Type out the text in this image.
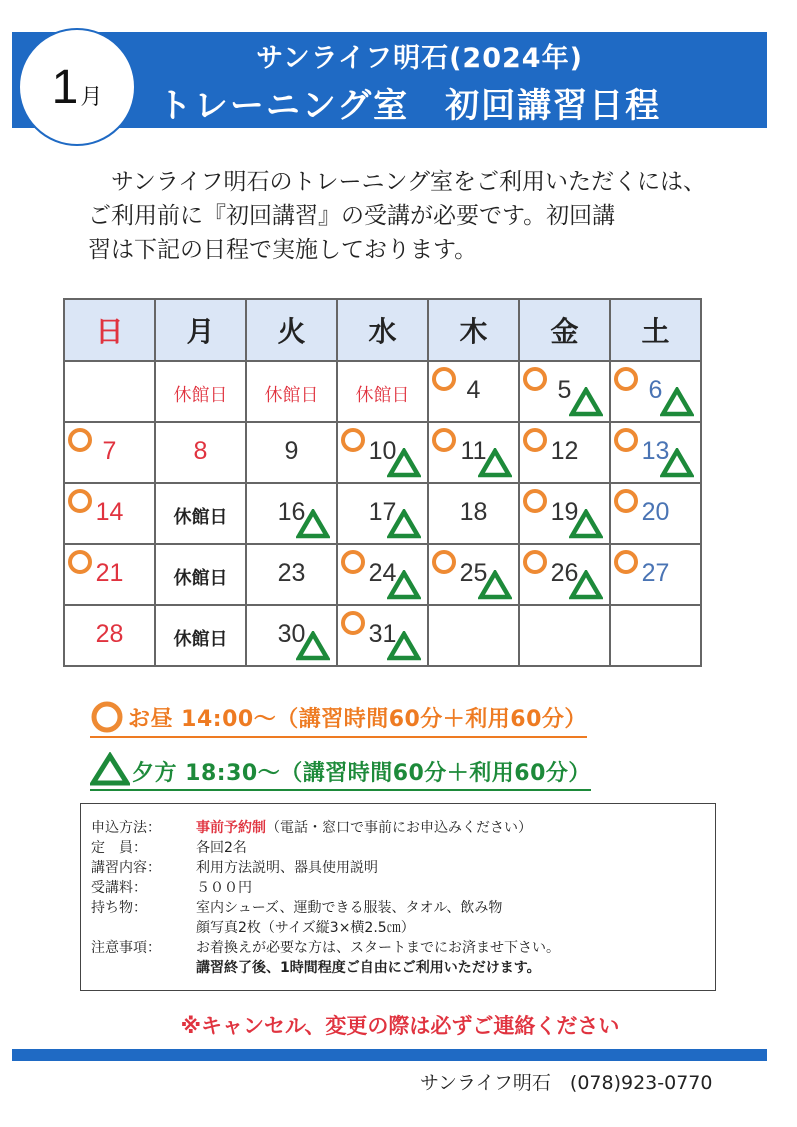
サンライフ明石(2024年)
トレーニング室　初回講習日程
1 月
　サンライフ明石のトレーニング室をご利用いただくには、
ご利用前に『初回講習』の受講が必要です。初回講
習は下記の日程で実施しております。
日	月	火	水	木	金	土

	休館日	休館日	休館日	4	5	6

7	8	9	10	11	12	13

14	休館日	16	17	18	19	20

21	休館日	23	24	25	26	27

28	休館日	30	31			

お昼 14:00～（講習時間60分＋利用60分）
夕方 18:30～（講習時間60分＋利用60分）
申込方法：	事前予約制（電話・窓口で事前にお申込みください）
定　員：	各回2名
講習内容：	利用方法説明、器具使用説明
受講料：	５００円
持ち物：	室内シューズ、運動できる服装、タオル、飲み物
顔写真2枚（サイズ縦3×横2.5㎝）

注意事項：	お着換えが必要な方は、スタートまでにお済ませ下さい。
講習終了後、1時間程度ご自由にご利用いただけます。

※キャンセル、変更の際は必ずご連絡ください
サンライフ明石　(078)923-0770
